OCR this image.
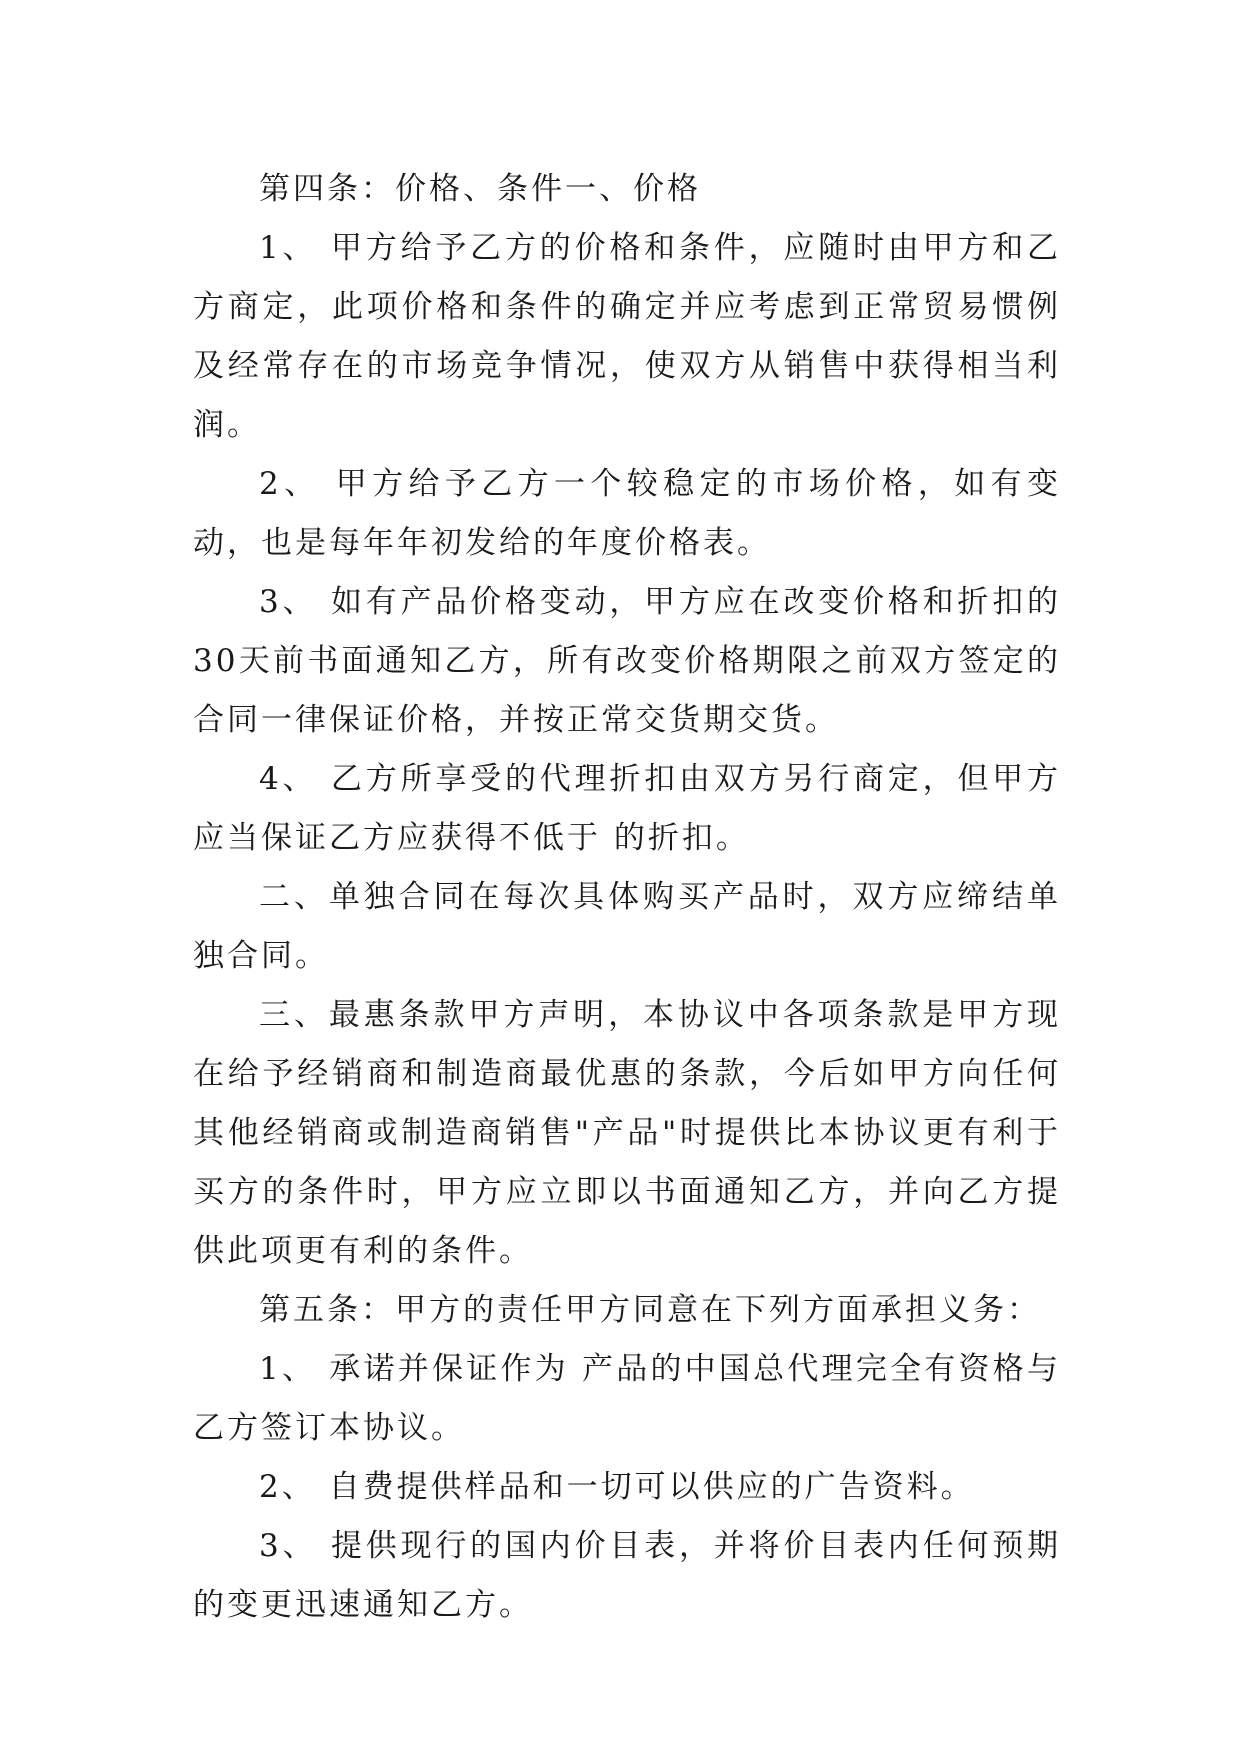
第四条：价格、条件一、价格

1、 甲方给予乙方的价格和条件，应随时由甲方和乙方商定，此项价格和条件的确定并应考虑到正常贸易惯例及经常存在的市场竞争情况，使双方从销售中获得相当利润。

2、 甲方给予乙方一个较稳定的市场价格，如有变动，也是每年年初发给的年度价格表。

3、 如有产品价格变动，甲方应在改变价格和折扣的30天前书面通知乙方，所有改变价格期限之前双方签定的合同一律保证价格，并按正常交货期交货。

4、 乙方所享受的代理折扣由双方另行商定，但甲方应当保证乙方应获得不低于 的折扣。

二、单独合同在每次具体购买产品时，双方应缔结单独合同。

三、最惠条款甲方声明，本协议中各项条款是甲方现在给予经销商和制造商最优惠的条款，今后如甲方向任何其他经销商或制造商销售"产品"时提供比本协议更有利于买方的条件时，甲方应立即以书面通知乙方，并向乙方提供此项更有利的条件。

第五条：甲方的责任甲方同意在下列方面承担义务：

1、 承诺并保证作为 产品的中国总代理完全有资格与乙方签订本协议。

2、 自费提供样品和一切可以供应的广告资料。

3、 提供现行的国内价目表，并将价目表内任何预期的变更迅速通知乙方。
